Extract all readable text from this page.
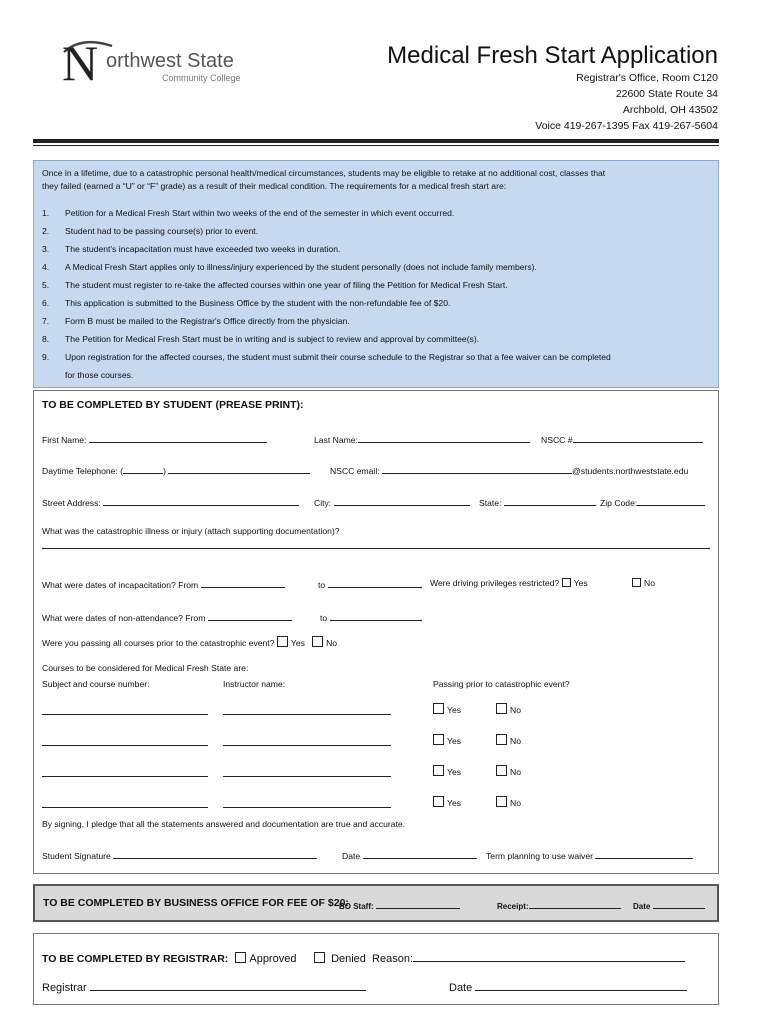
N orthwest State
Community College
Medical Fresh Start Application
Registrar's Office, Room C120
22600 State Route 34
Archbold, OH 43502
Voice 419-267-1395 Fax 419-267-5604
Once in a lifetime, due to a catastrophic personal health/medical circumstances, students may be eligible to retake at no additional cost, classes that
they failed (earned a “U” or “F” grade) as a result of their medical condition. The requirements for a medical fresh start are:
1. Petition for a Medical Fresh Start within two weeks of the end of the semester in which event occurred.
2. Student had to be passing course(s) prior to event.
3. The student's incapacitation must have exceeded two weeks in duration.
4. A Medical Fresh Start applies only to illness/injury experienced by the student personally (does not include family members).
5. The student must register to re-take the affected courses within one year of filing the Petition for Medical Fresh Start.
6. This application is submitted to the Business Office by the student with the non-refundable fee of $20.
7. Form B must be mailed to the Registrar's Office directly from the physician.
8. The Petition for Medical Fresh Start must be in writing and is subject to review and approval by committee(s).
9. Upon registration for the affected courses, the student must submit their course schedule to the Registrar so that a fee waiver can be completed
for those courses.
TO BE COMPLETED BY STUDENT (PREASE PRINT):
First Name:	Last Name:	NSCC #
Daytime Telephone: (	)	NSCC email:	@students.northweststate.edu
Street Address:	City:	State:	Zip Code:
What was the catastrophic illness or injury (attach supporting documentation)?
What were dates of incapacitation? From	to	Were driving privileges restricted? Yes	No
What were dates of non-attendance? From	to
Were you passing all courses prior to the catastrophic event? Yes No
Courses to be considered for Medical Fresh State are:
Subject and course number:	Instructor name:	Passing prior to catastrophic event?
Yes	No
Yes	No
Yes	No
Yes	No
By signing, I pledge that all the statements answered and documentation are true and accurate.
Student Signature	Date	Term planning to use waiver
TO BE COMPLETED BY BUSINESS OFFICE FOR FEE OF $20:
BO Staff:	Receipt:	Date
TO BE COMPLETED BY REGISTRAR: Approved	Denied Reason:
Registrar	Date
